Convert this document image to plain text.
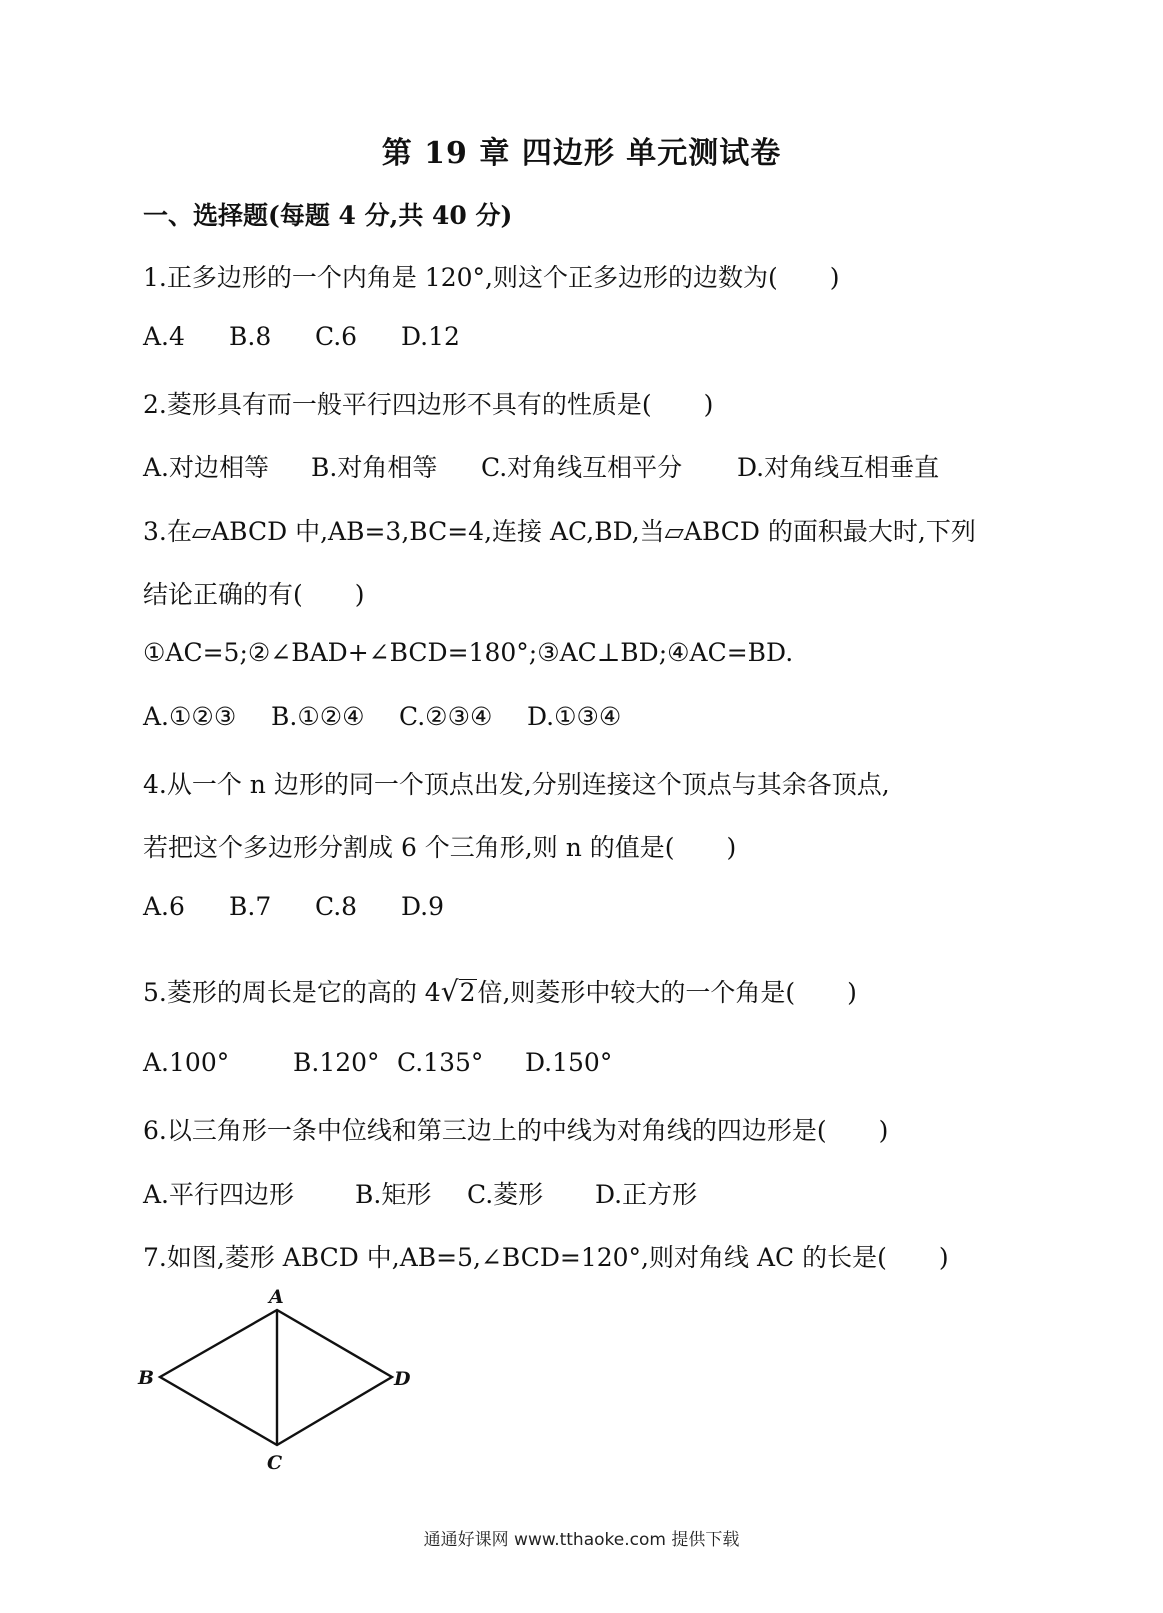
第 19 章 四边形 单元测试卷
一、选择题(每题 4 分,共 40 分)
1.正多边形的一个内角是 120°,则这个正多边形的边数为( )
A.4 B.8 C.6 D.12
2.菱形具有而一般平行四边形不具有的性质是( )
A.对边相等 B.对角相等 C.对角线互相平分 D.对角线互相垂直
3.在▱ABCD 中,AB=3,BC=4,连接 AC,BD,当▱ABCD 的面积最大时,下列
结论正确的有( )
①AC=5;②∠BAD+∠BCD=180°;③AC⊥BD;④AC=BD.
A.①②③ B.①②④ C.②③④ D.①③④
4.从一个 n 边形的同一个顶点出发,分别连接这个顶点与其余各顶点,
若把这个多边形分割成 6 个三角形,则 n 的值是( )
A.6 B.7 C.8 D.9
5.菱形的周长是它的高的 4√2倍,则菱形中较大的一个角是( )
A.100°	B.120° C.135° D.150°
6.以三角形一条中位线和第三边上的中线为对角线的四边形是( )
A.平行四边形 B.矩形 C.菱形 D.正方形
7.如图,菱形 ABCD 中,AB=5,∠BCD=120°,则对角线 AC 的长是( )
A
B
C
D
通通好课网 www.tthaoke.com 提供下载
